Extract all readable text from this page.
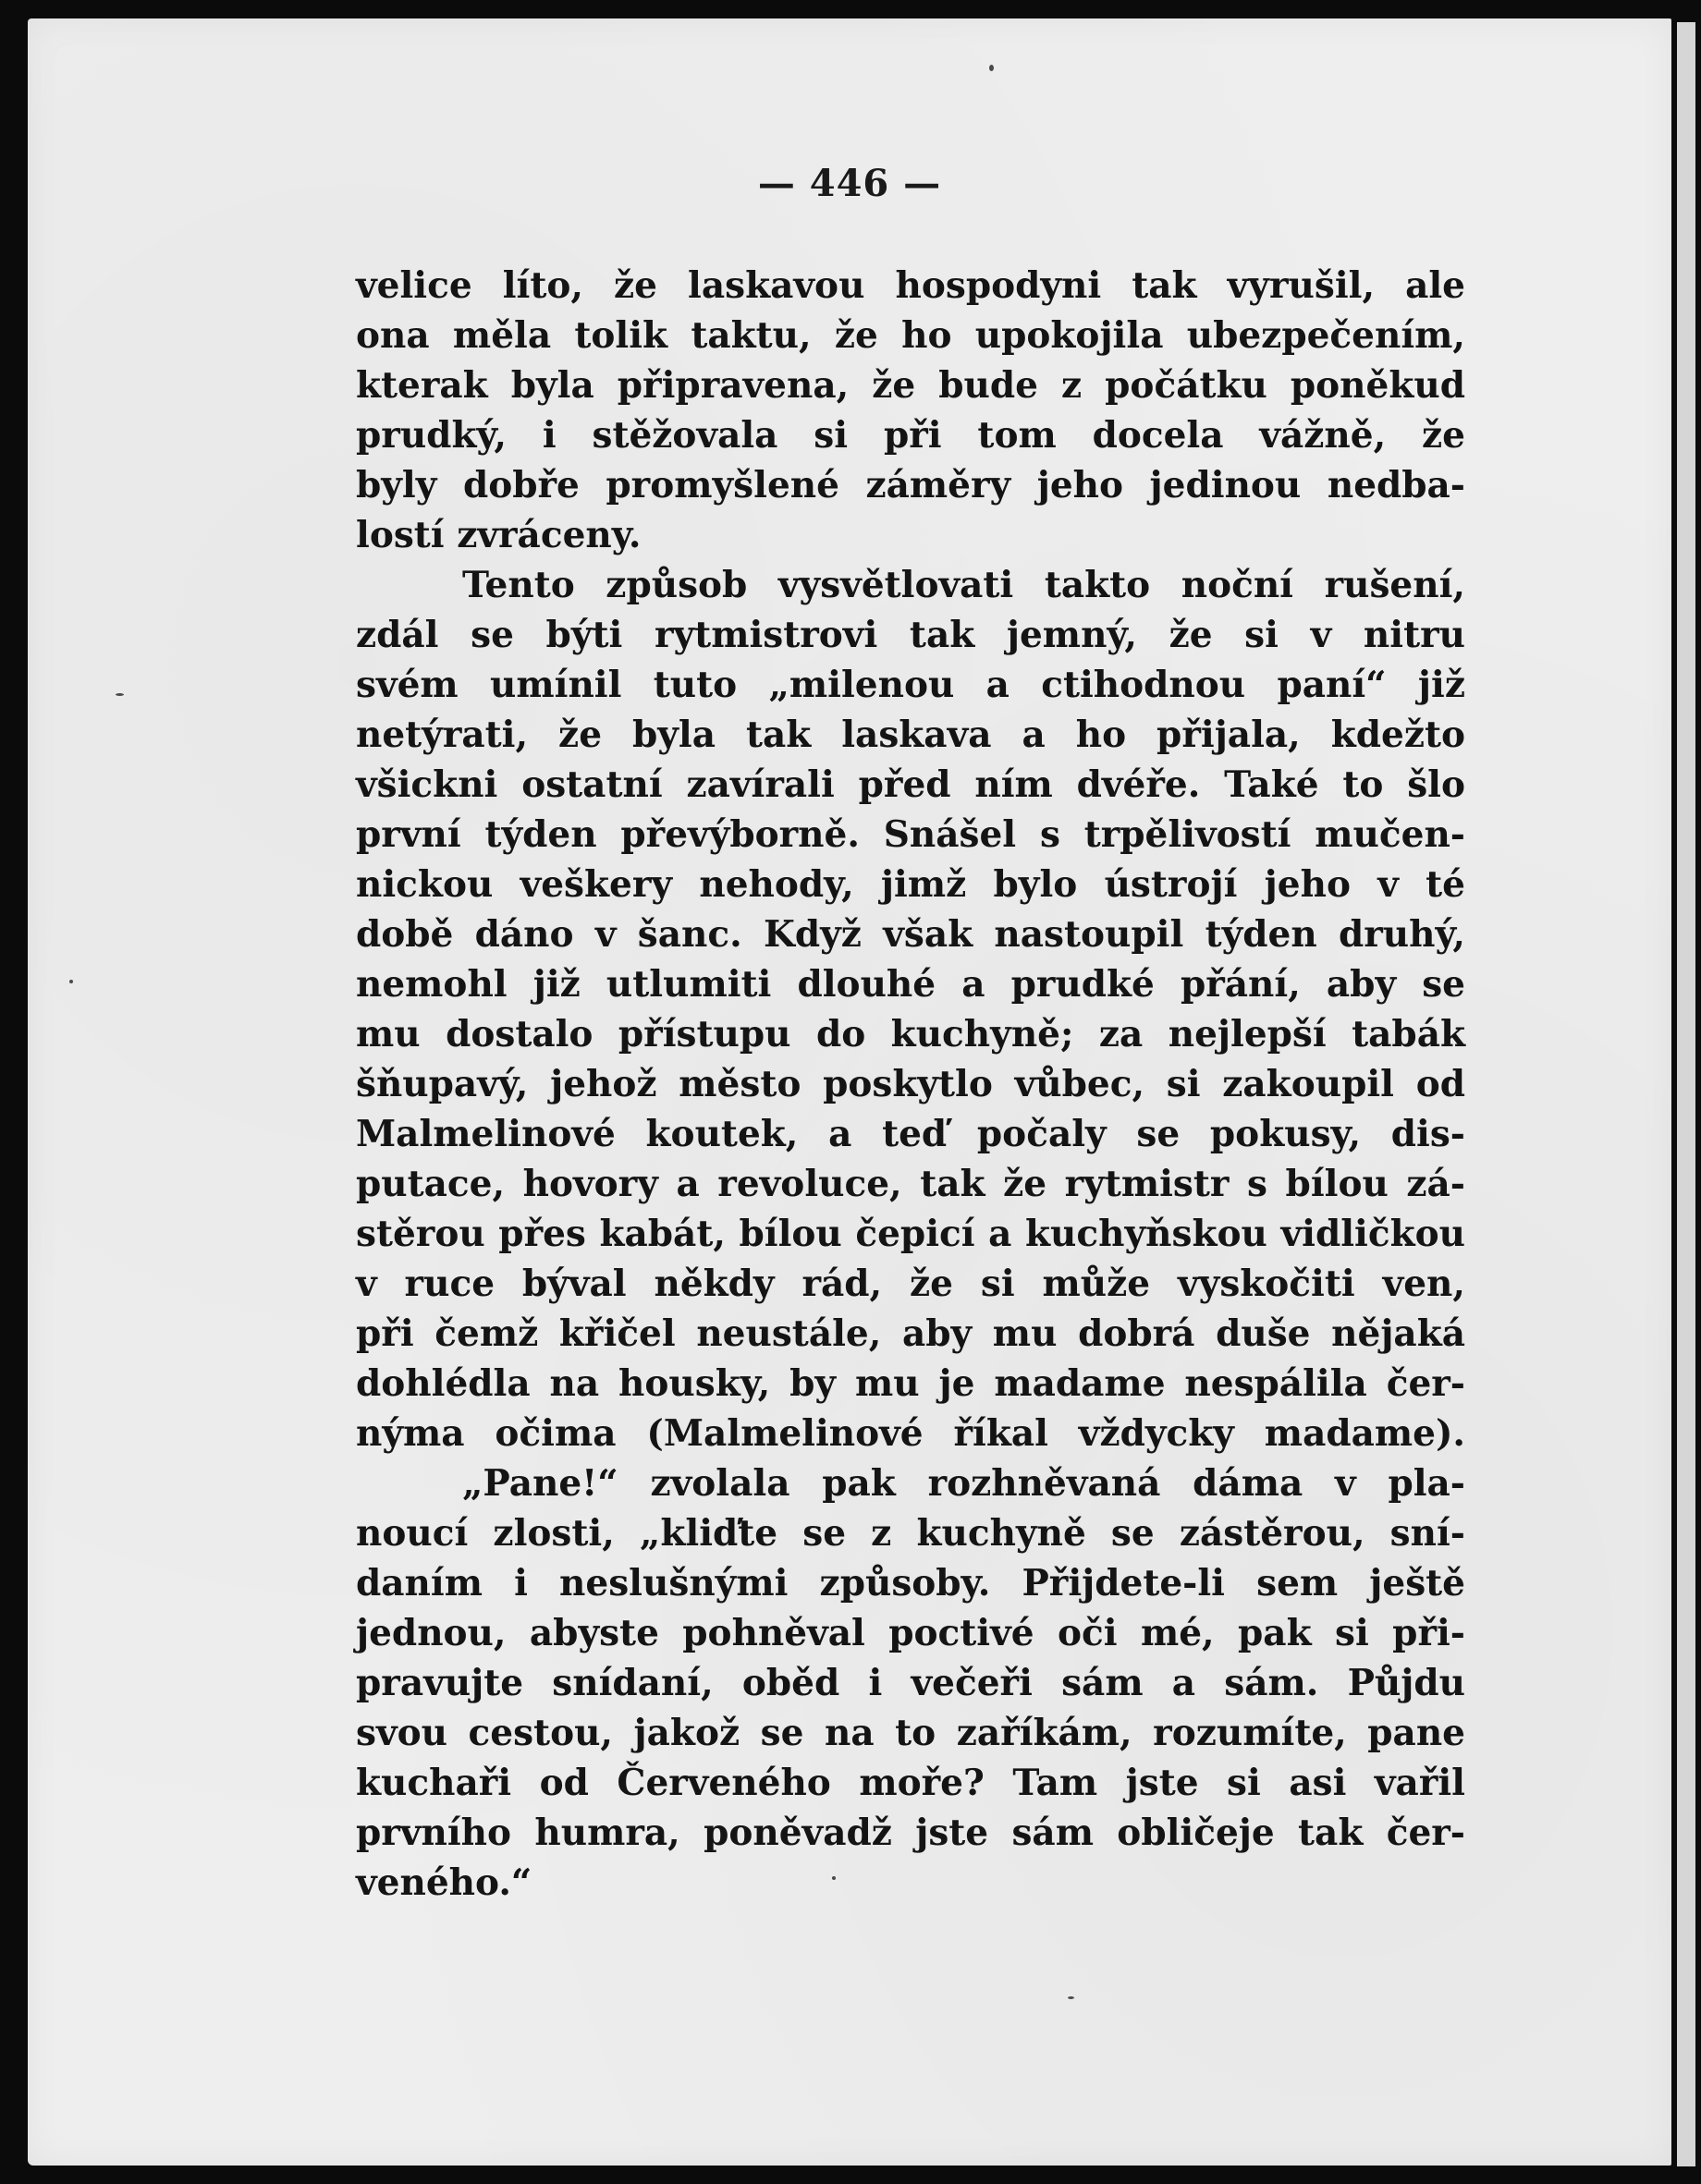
— 446 —
velice líto, že laskavou hospodyni tak vyrušil, ale
ona měla tolik taktu, že ho upokojila ubezpečením,
kterak byla připravena, že bude z počátku poněkud
prudký, i stěžovala si při tom docela vážně, že
byly dobře promyšlené záměry jeho jedinou nedba-
lostí zvráceny.
Tento způsob vysvětlovati takto noční rušení,
zdál se býti rytmistrovi tak jemný, že si v nitru
svém umínil tuto „milenou a ctihodnou paní“ již
netýrati, že byla tak laskava a ho přijala, kdežto
všickni ostatní zavírali před ním dvéře. Také to šlo
první týden převýborně. Snášel s trpělivostí mučen-
nickou veškery nehody, jimž bylo ústrojí jeho v té
době dáno v šanc. Když však nastoupil týden druhý,
nemohl již utlumiti dlouhé a prudké přání, aby se
mu dostalo přístupu do kuchyně; za nejlepší tabák
šňupavý, jehož město poskytlo vůbec, si zakoupil od
Malmelinové koutek, a teď počaly se pokusy, dis-
putace, hovory a revoluce, tak že rytmistr s bílou zá-
stěrou přes kabát, bílou čepicí a kuchyňskou vidličkou
v ruce býval někdy rád, že si může vyskočiti ven,
při čemž křičel neustále, aby mu dobrá duše nějaká
dohlédla na housky, by mu je madame nespálila čer-
nýma očima (Malmelinové říkal vždycky madame).
„Pane!“ zvolala pak rozhněvaná dáma v pla-
noucí zlosti, „kliďte se z kuchyně se zástěrou, sní-
daním i neslušnými způsoby. Přijdete-li sem ještě
jednou, abyste pohněval poctivé oči mé, pak si při-
pravujte snídaní, oběd i večeři sám a sám. Půjdu
svou cestou, jakož se na to zaříkám, rozumíte, pane
kuchaři od Červeného moře? Tam jste si asi vařil
prvního humra, poněvadž jste sám obličeje tak čer-
veného.“
